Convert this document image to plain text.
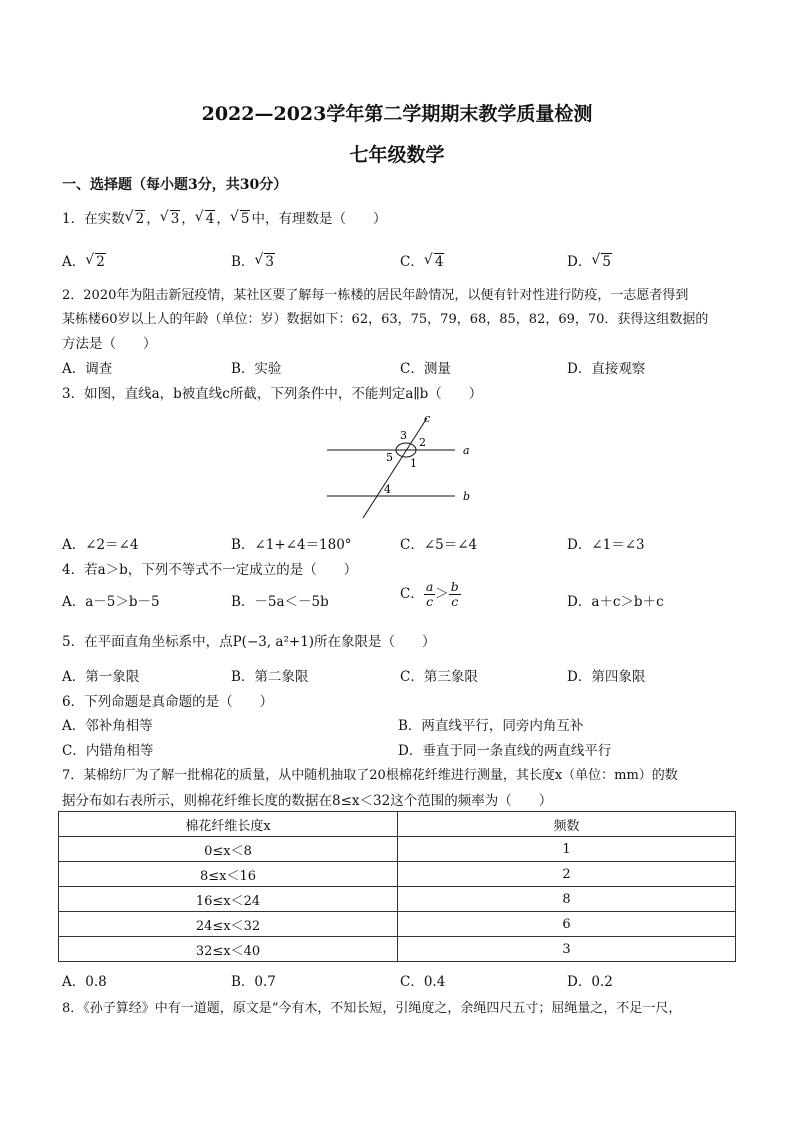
2022—2023学年第二学期期末教学质量检测
七年级数学
一、选择题（每小题3分，共30分）
1．在实数 √ 2 ， √ 3 ， √ 4 ， √ 5 中，有理数是（　　）
A． √ 2	B． √ 3	C． √ 4	D． √ 5
2．2020年为阻击新冠疫情，某社区要了解每一栋楼的居民年龄情况，以便有针对性进行防疫，一志愿者得到
某栋楼60岁以上人的年龄（单位：岁）数据如下：62，63，75，79，68，85，82，69，70．获得这组数据的
方法是（　　）
A．调查	B．实验	C．测量	D．直接观察
3．如图，直线a，b被直线c所截，下列条件中，不能判定a∥b（　　）
c
a
b
3
2
5 1
4
A．∠2＝∠4	B．∠1+∠4＝180°	C．∠5＝∠4	D．∠1＝∠3
4．若a＞b，下列不等式不一定成立的是（　　）
A．a－5＞b－5	B．－5a＜－5b	C． $\frac{a}{c} > \frac{b}{c}$	D．a＋c＞b＋c
5．在平面直角坐标系中，点P(−3, a²+1)所在象限是（　　）
A．第一象限	B．第二象限	C．第三象限	D．第四象限
6．下列命题是真命题的是（　　）
A．邻补角相等	B．两直线平行，同旁内角互补
C．内错角相等	D．垂直于同一条直线的两直线平行
7．某棉纺厂为了解一批棉花的质量，从中随机抽取了20根棉花纤维进行测量，其长度x（单位：mm）的数
据分布如右表所示，则棉花纤维长度的数据在8≤x＜32这个范围的频率为（　　）
棉花纤维长度x	频数
0≤x＜8	1
8≤x＜16	2
16≤x＜24	8
24≤x＜32	6
32≤x＜40	3
A．0.8	B．0.7	C．0.4	D．0.2
8．《孙子算经》中有一道题，原文是“今有木，不知长短，引绳度之，余绳四尺五寸；屈绳量之，不足一尺，
